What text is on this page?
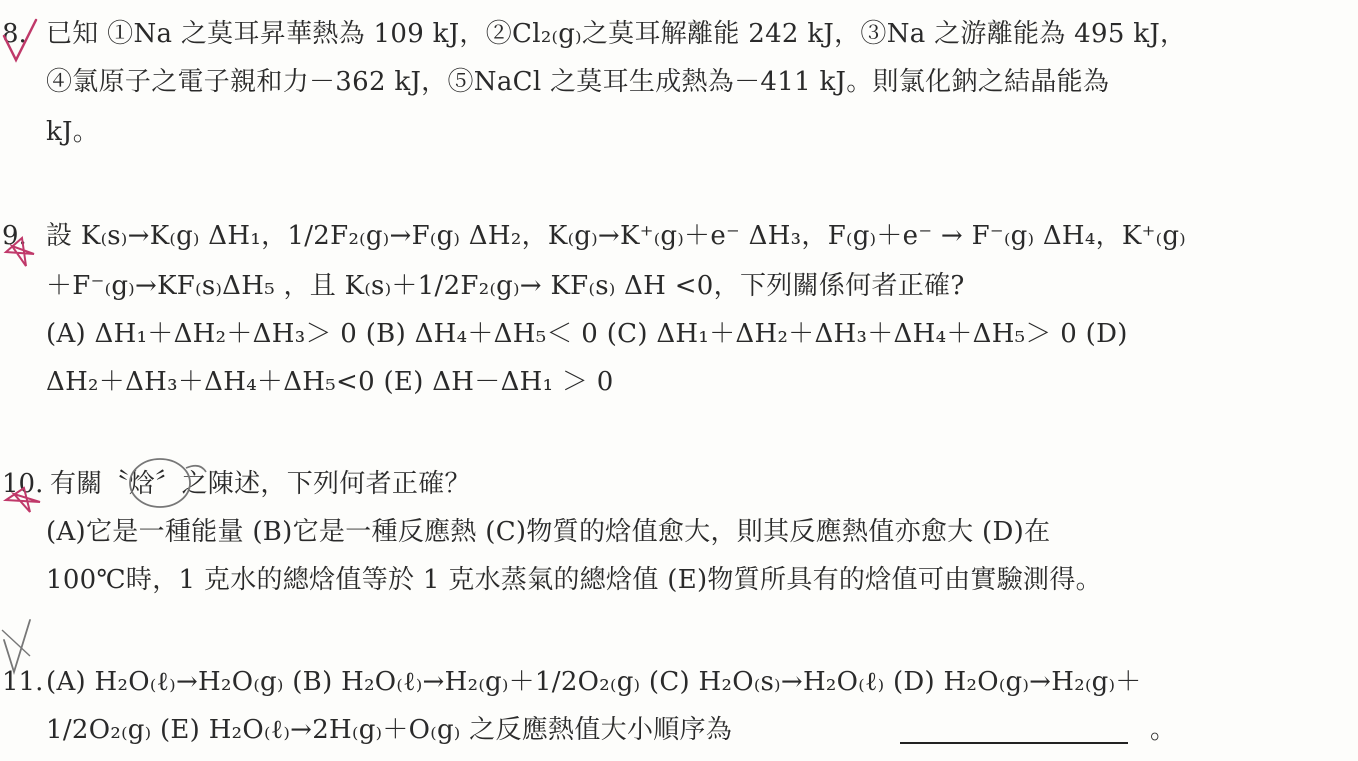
8. 已知 ①Na 之莫耳昇華熱為 109 kJ，②Cl₂₍g₎之莫耳解離能 242 kJ，③Na 之游離能為 495 kJ，
④氯原子之電子親和力－362 kJ，⑤NaCl 之莫耳生成熱為－411 kJ。則氯化鈉之結晶能為
kJ。
9. 設 K₍s₎→K₍g₎ ΔH₁，1/2F₂₍g₎→F₍g₎ ΔH₂，K₍g₎→K⁺₍g₎＋e⁻ ΔH₃，F₍g₎＋e⁻ → F⁻₍g₎ ΔH₄，K⁺₍g₎
＋F⁻₍g₎→KF₍s₎ΔH₅ ，且 K₍s₎＋1/2F₂₍g₎→ KF₍s₎ ΔH <0，下列關係何者正確?
(A) ΔH₁＋ΔH₂＋ΔH₃＞ 0 (B) ΔH₄＋ΔH₅＜ 0 (C) ΔH₁＋ΔH₂＋ΔH₃＋ΔH₄＋ΔH₅＞ 0 (D)
ΔH₂＋ΔH₃＋ΔH₄＋ΔH₅<0 (E) ΔH－ΔH₁ ＞ 0
10. 有關〝焓〞之陳述，下列何者正確？
(A)它是一種能量 (B)它是一種反應熱 (C)物質的焓值愈大，則其反應熱值亦愈大 (D)在
100℃時，1 克水的總焓值等於 1 克水蒸氣的總焓值 (E)物質所具有的焓值可由實驗測得。
11. (A) H₂O₍ℓ₎→H₂O₍g₎ (B) H₂O₍ℓ₎→H₂₍g₎＋1/2O₂₍g₎ (C) H₂O₍s₎→H₂O₍ℓ₎ (D) H₂O₍g₎→H₂₍g₎＋
1/2O₂₍g₎ (E) H₂O₍ℓ₎→2H₍g₎＋O₍g₎ 之反應熱值大小順序為	。
